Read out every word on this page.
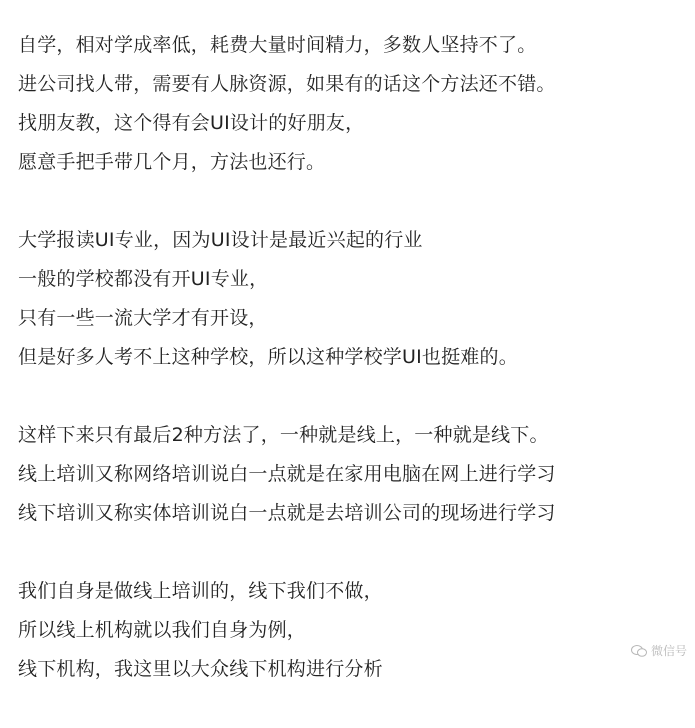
自学，相对学成率低，耗费大量时间精力，多数人坚持不了。
进公司找人带，需要有人脉资源，如果有的话这个方法还不错。
找朋友教，这个得有会UI设计的好朋友，
愿意手把手带几个月，方法也还行。
大学报读UI专业，因为UI设计是最近兴起的行业
一般的学校都没有开UI专业，
只有一些一流大学才有开设，
但是好多人考不上这种学校，所以这种学校学UI也挺难的。
这样下来只有最后2种方法了，一种就是线上，一种就是线下。
线上培训又称网络培训说白一点就是在家用电脑在网上进行学习
线下培训又称实体培训说白一点就是去培训公司的现场进行学习
我们自身是做线上培训的，线下我们不做，
所以线上机构就以我们自身为例，
线下机构，我这里以大众线下机构进行分析
微信号
